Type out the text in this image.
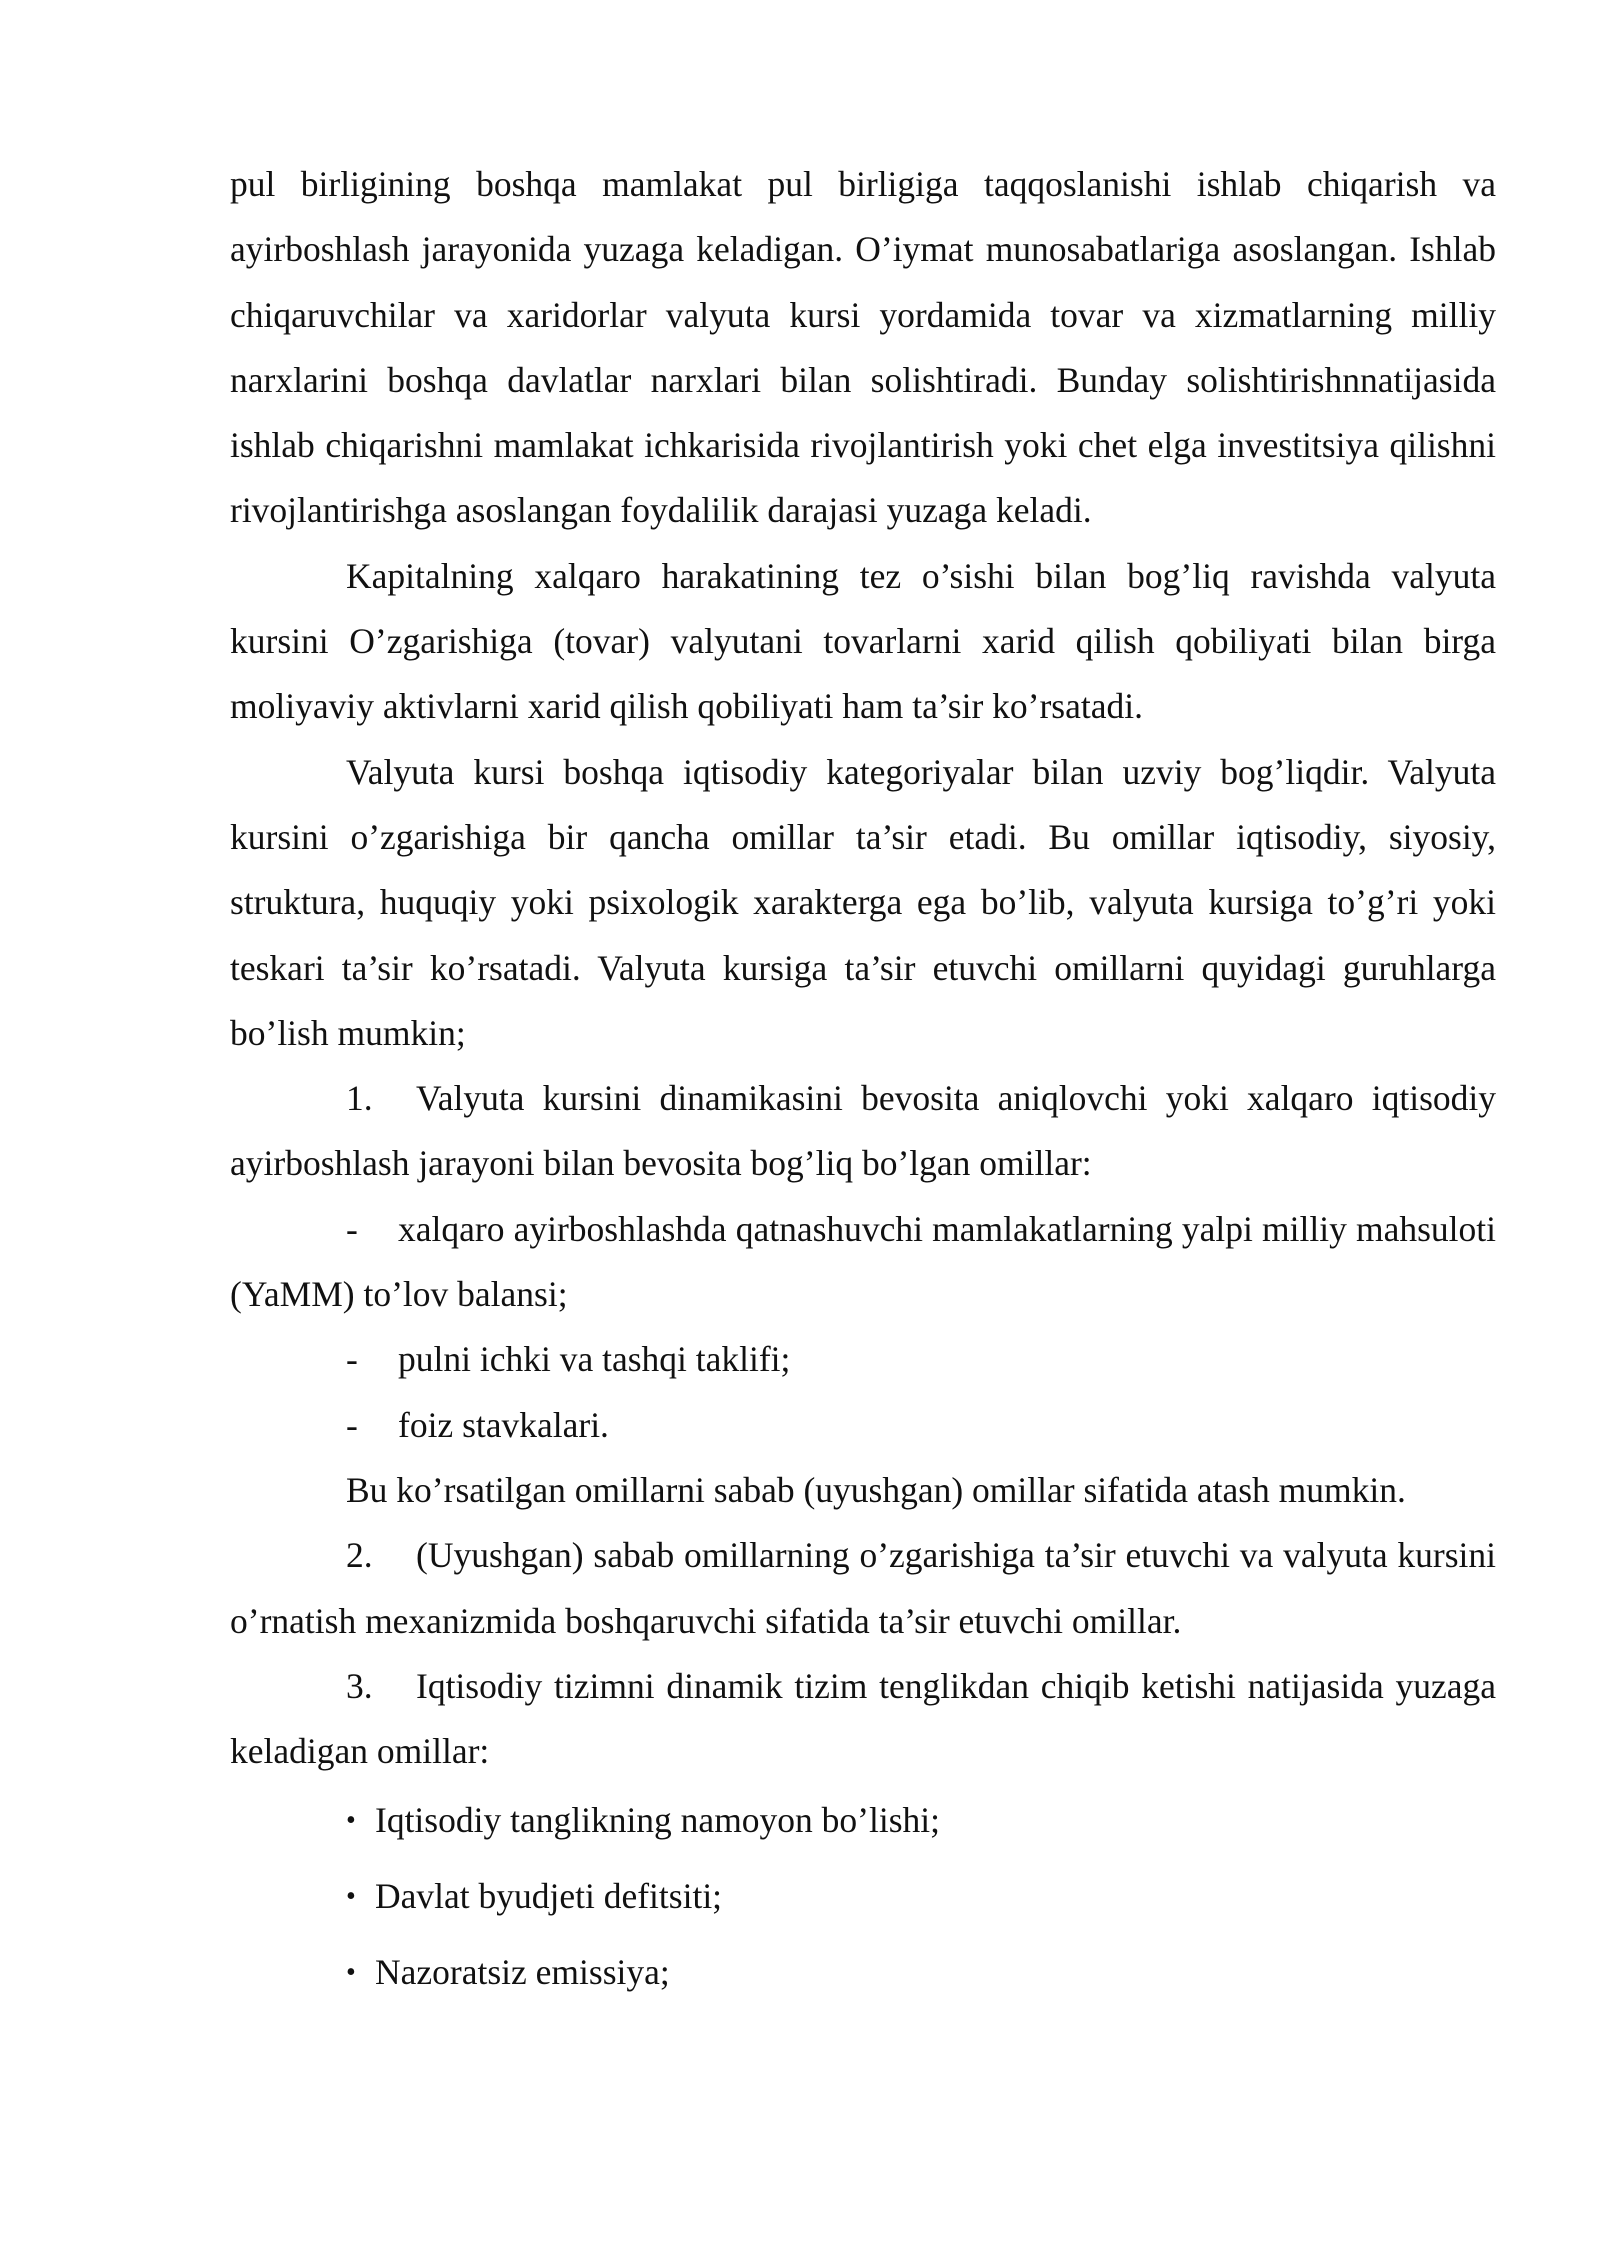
pul birligining boshqa mamlakat pul birligiga taqqoslanishi ishlab chiqarish va ayirboshlash jarayonida yuzaga keladigan. O’iymat munosabatlariga asoslangan. Ishlab chiqaruvchilar va xaridorlar valyuta kursi yordamida tovar va xizmatlarning milliy narxlarini boshqa davlatlar narxlari bilan solishtiradi. Bunday solishtirishnnatijasida ishlab chiqarishni mamlakat ichkarisida rivojlantirish yoki chet elga investitsiya qilishni rivojlantirishga asoslangan foydalilik darajasi yuzaga keladi.

Kapitalning xalqaro harakatining tez o’sishi bilan bog’liq ravishda valyuta kursini O’zgarishiga (tovar) valyutani tovarlarni xarid qilish qobiliyati bilan birga moliyaviy aktivlarni xarid qilish qobiliyati ham ta’sir ko’rsatadi.

Valyuta kursi boshqa iqtisodiy kategoriyalar bilan uzviy bog’liqdir. Valyuta kursini o’zgarishiga bir qancha omillar ta’sir etadi. Bu omillar iqtisodiy, siyosiy, struktura, huquqiy yoki psixologik xarakterga ega bo’lib, valyuta kursiga to’g’ri yoki teskari ta’sir ko’rsatadi. Valyuta kursiga ta’sir etuvchi omillarni quyidagi guruhlarga bo’lish mumkin;

1. Valyuta kursini dinamikasini bevosita aniqlovchi yoki xalqaro iqtisodiy ayirboshlash jarayoni bilan bevosita bog’liq bo’lgan omillar:

- xalqaro ayirboshlashda qatnashuvchi mamlakatlarning yalpi milliy mahsuloti (YaMM) to’lov balansi;

- pulni ichki va tashqi taklifi;

- foiz stavkalari.

Bu ko’rsatilgan omillarni sabab (uyushgan) omillar sifatida atash mumkin.

2. (Uyushgan) sabab omillarning o’zgarishiga ta’sir etuvchi va valyuta kursini o’rnatish mexanizmida boshqaruvchi sifatida ta’sir etuvchi omillar.

3. Iqtisodiy tizimni dinamik tizim tenglikdan chiqib ketishi natijasida yuzaga keladigan omillar:

• Iqtisodiy tanglikning namoyon bo’lishi;

• Davlat byudjeti defitsiti;

• Nazoratsiz emissiya;
